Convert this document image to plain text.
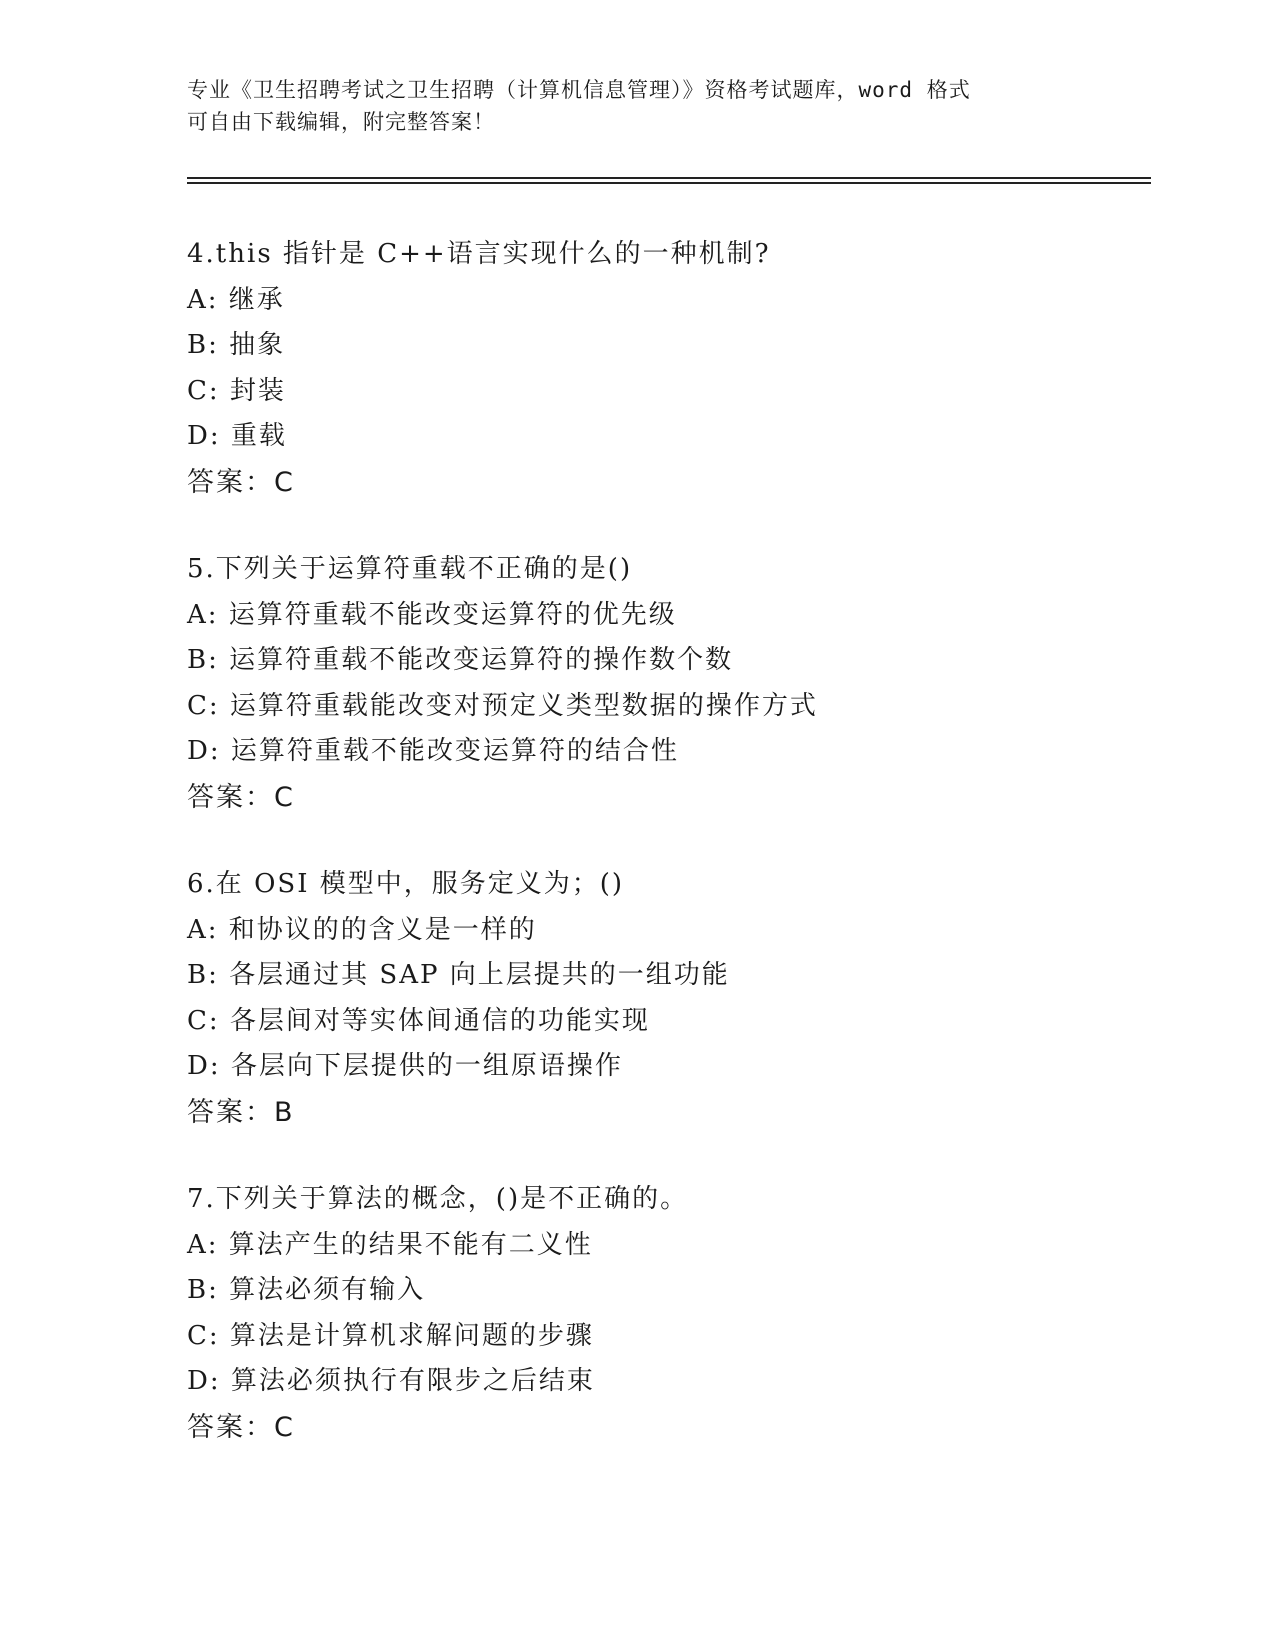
专业《卫生招聘考试之卫生招聘（计算机信息管理）》资格考试题库，word 格式
可自由下载编辑，附完整答案！
4.this 指针是 C++语言实现什么的一种机制?
A: 继承
B: 抽象
C: 封装
D: 重载
答案：C
5.下列关于运算符重载不正确的是()
A: 运算符重载不能改变运算符的优先级
B: 运算符重载不能改变运算符的操作数个数
C: 运算符重载能改变对预定义类型数据的操作方式
D: 运算符重载不能改变运算符的结合性
答案：C
6.在 OSI 模型中，服务定义为；()
A: 和协议的的含义是一样的
B: 各层通过其 SAP 向上层提共的一组功能
C: 各层间对等实体间通信的功能实现
D: 各层向下层提供的一组原语操作
答案：B
7.下列关于算法的概念，()是不正确的。
A: 算法产生的结果不能有二义性
B: 算法必须有输入
C: 算法是计算机求解问题的步骤
D: 算法必须执行有限步之后结束
答案：C
